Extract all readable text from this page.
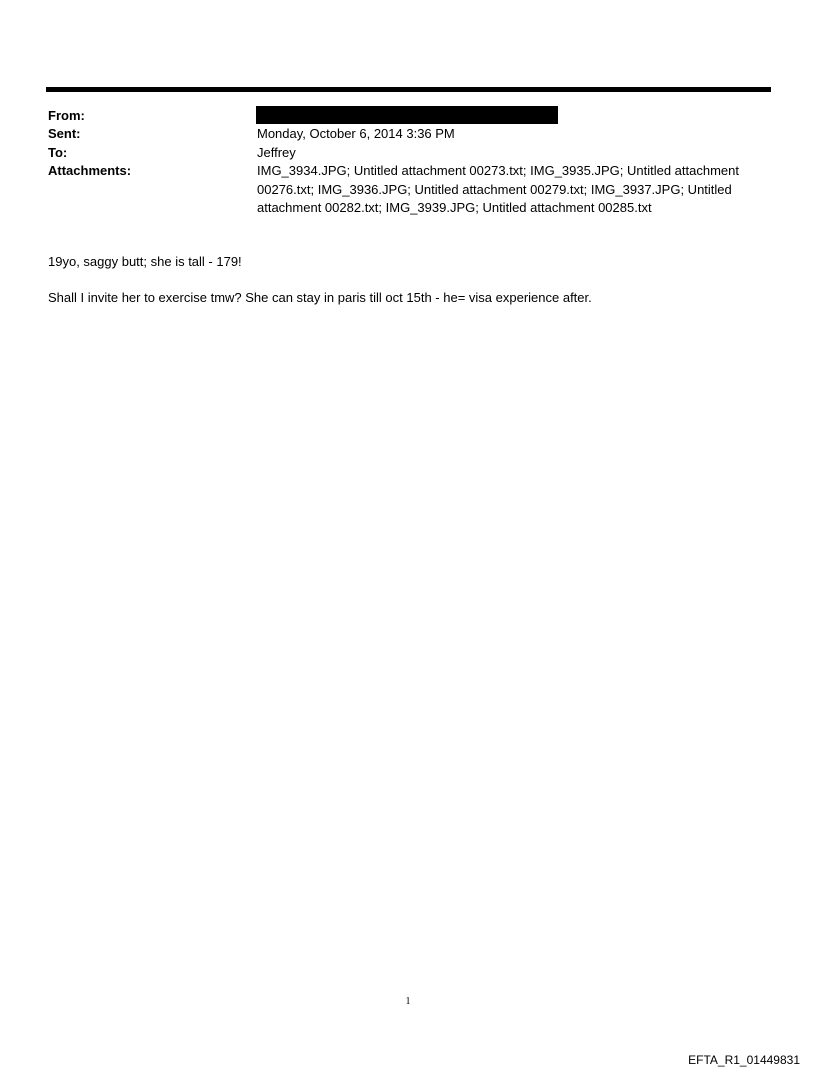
From:
Sent:	Monday, October 6, 2014 3:36 PM
To:	Jeffrey
Attachments:	IMG_3934.JPG; Untitled attachment 00273.txt; IMG_3935.JPG; Untitled attachment
00276.txt; IMG_3936.JPG; Untitled attachment 00279.txt; IMG_3937.JPG; Untitled
attachment 00282.txt; IMG_3939.JPG; Untitled attachment 00285.txt
19yo, saggy butt; she is tall - 179!
Shall I invite her to exercise tmw? She can stay in paris till oct 15th - he= visa experience after.
1
EFTA_R1_01449831
